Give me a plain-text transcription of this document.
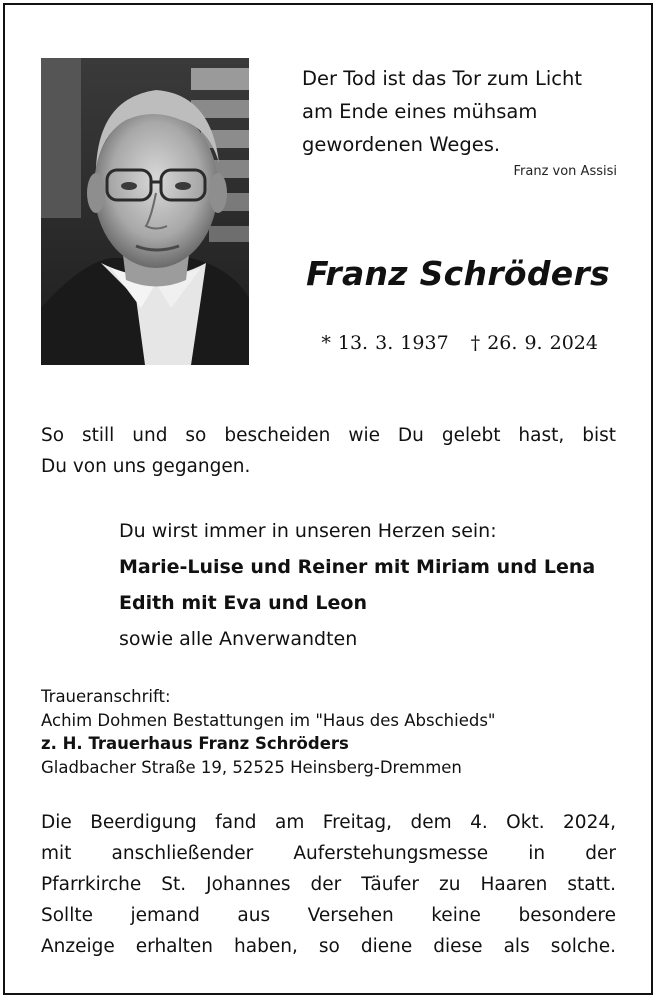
Der Tod ist das Tor zum Licht
am Ende eines mühsam
gewordenen Weges.
Franz von Assisi
Franz Schröders
* 13. 3. 1937 † 26. 9. 2024
So still und so bescheiden wie Du gelebt hast, bist
Du von uns gegangen.
Du wirst immer in unseren Herzen sein:
Marie-Luise und Reiner mit Miriam und Lena
Edith mit Eva und Leon
sowie alle Anverwandten
Traueranschrift:
Achim Dohmen Bestattungen im "Haus des Abschieds"
z. H. Trauerhaus Franz Schröders
Gladbacher Straße 19, 52525 Heinsberg-Dremmen
Die Beerdigung fand am Freitag, dem 4. Okt. 2024,
mit anschließender Auferstehungsmesse in der
Pfarrkirche St. Johannes der Täufer zu Haaren statt.
Sollte jemand aus Versehen keine besondere
Anzeige erhalten haben, so diene diese als solche.
